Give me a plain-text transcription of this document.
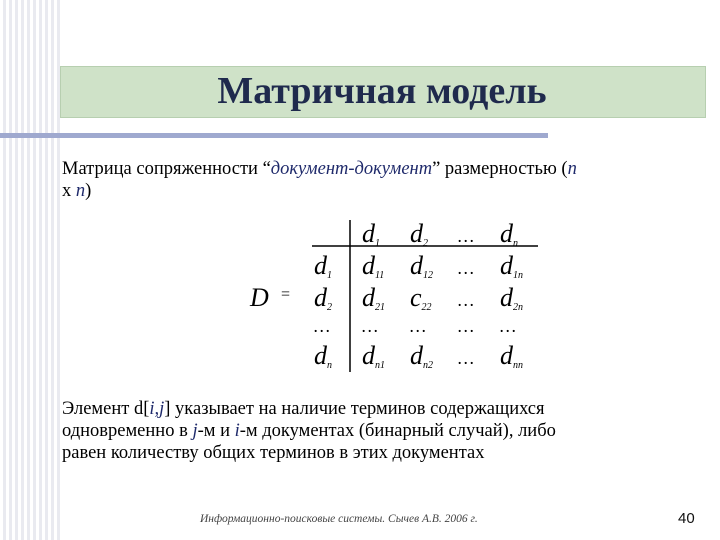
Матричная модель
Матрица сопряженности “документ-документ” размерностью (n
x n)
D =
d1 d2 … dn
d1 d11 d12 … d1n
d2 d21 c22 … d2n
… … … … …
dn dn1 dn2 … dnn
Элемент d[i,j] указывает на наличие терминов содержащихся
одновременно в j-м и i-м документах (бинарный случай), либо
равен количеству общих терминов в этих документах
Информационно-поисковые системы. Сычев А.В. 2006 г.	40
